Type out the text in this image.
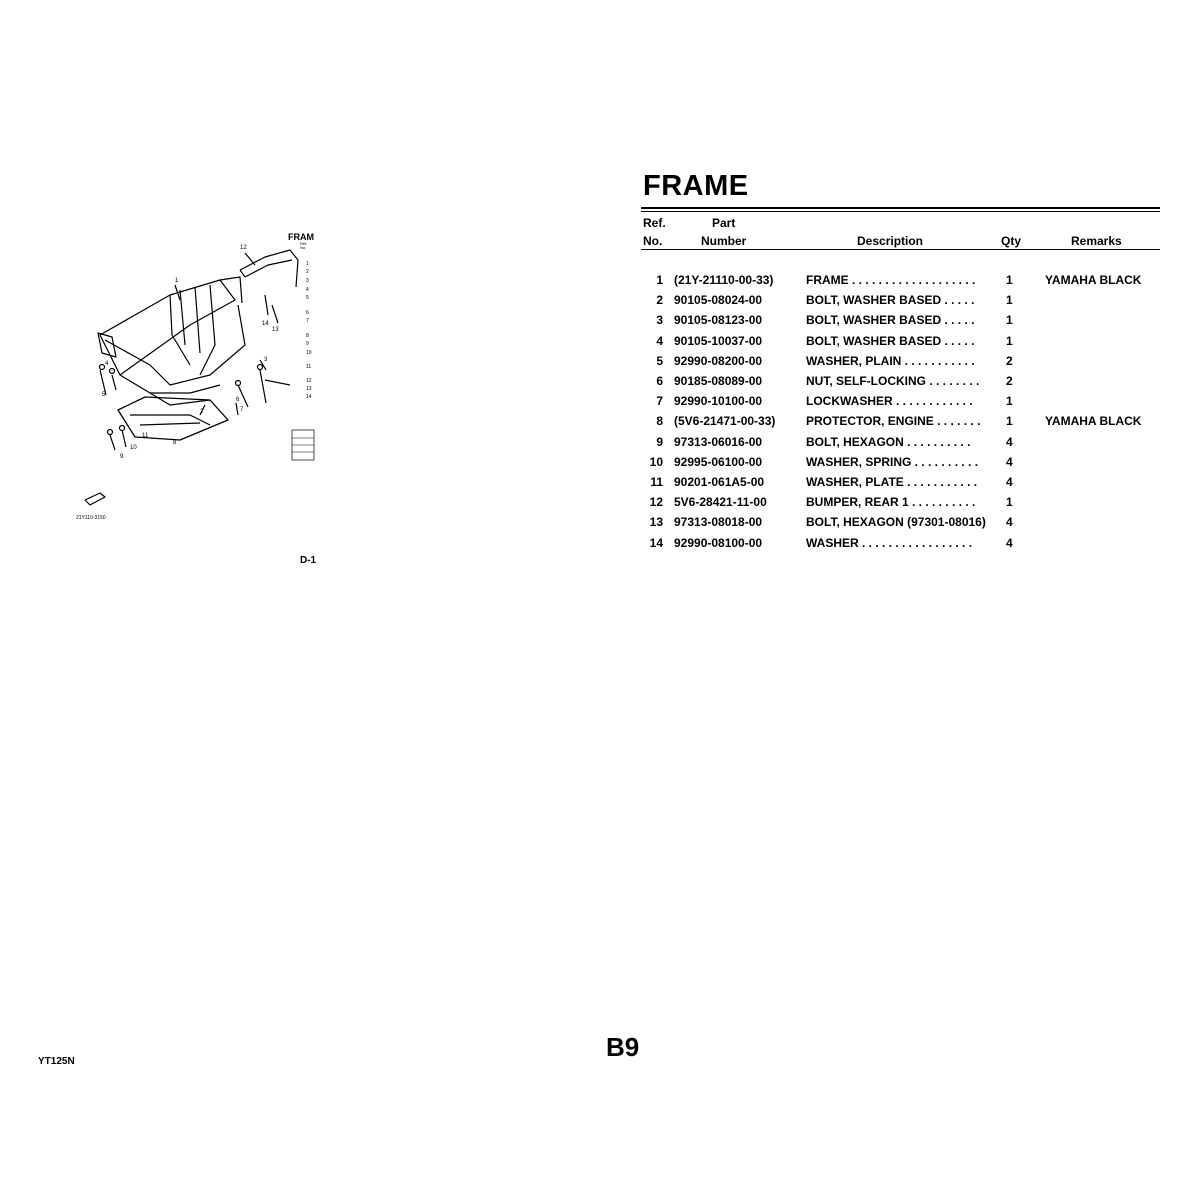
1
2
3
4
5
6
7
8
9
10
11
12
13
14
FRAM
Ref.
No.
1
2
3
4
5
6
7
8
9
10
11
12
13
14
21Y110-3150
D-1
FRAME
Ref.
No.
Part
Number	Description	Qty	Remarks
1 (21Y-21110-00-33)	FRAME . . . . . . . . . . . . . . . . . . .	1	YAMAHA BLACK
2 90105-08024-00	BOLT, WASHER BASED . . . . .	1
3 90105-08123-00	BOLT, WASHER BASED . . . . .	1
4 90105-10037-00	BOLT, WASHER BASED . . . . .	1
5 92990-08200-00	WASHER, PLAIN . . . . . . . . . . .	2
6 90185-08089-00	NUT, SELF-LOCKING . . . . . . . .	2
7 92990-10100-00	LOCKWASHER . . . . . . . . . . . .	1
8 (5V6-21471-00-33)	PROTECTOR, ENGINE . . . . . . .	1	YAMAHA BLACK
9 97313-06016-00	BOLT, HEXAGON . . . . . . . . . .	4
10 92995-06100-00	WASHER, SPRING . . . . . . . . . .	4
11 90201-061A5-00	WASHER, PLATE . . . . . . . . . . .	4
12 5V6-28421-11-00	BUMPER, REAR 1 . . . . . . . . . .	1
13 97313-08018-00	BOLT, HEXAGON (97301-08016)	4
14 92990-08100-00	WASHER . . . . . . . . . . . . . . . . .	4
YT125N	B9
